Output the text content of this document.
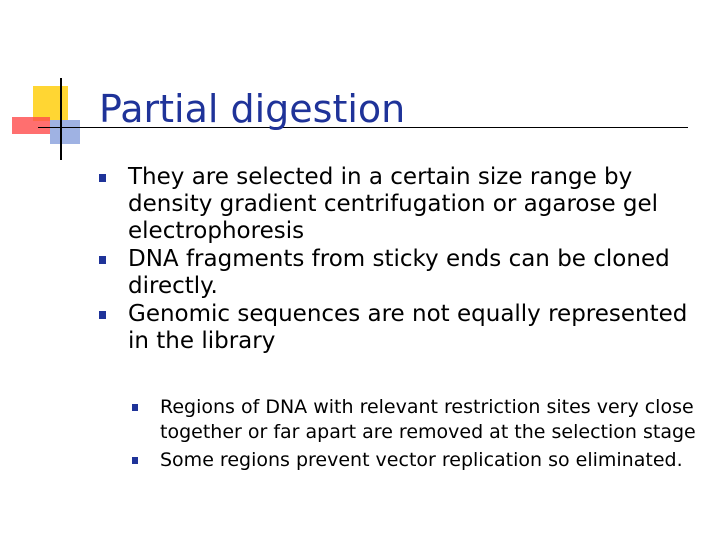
Partial digestion
They are selected in a certain size range by density gradient centrifugation or agarose gel electrophoresis
DNA fragments from sticky ends can be cloned directly.
Genomic sequences are not equally represented in the library
Regions of DNA with relevant restriction sites very close together or far apart are removed at the selection stage
Some regions prevent vector replication so eliminated.
